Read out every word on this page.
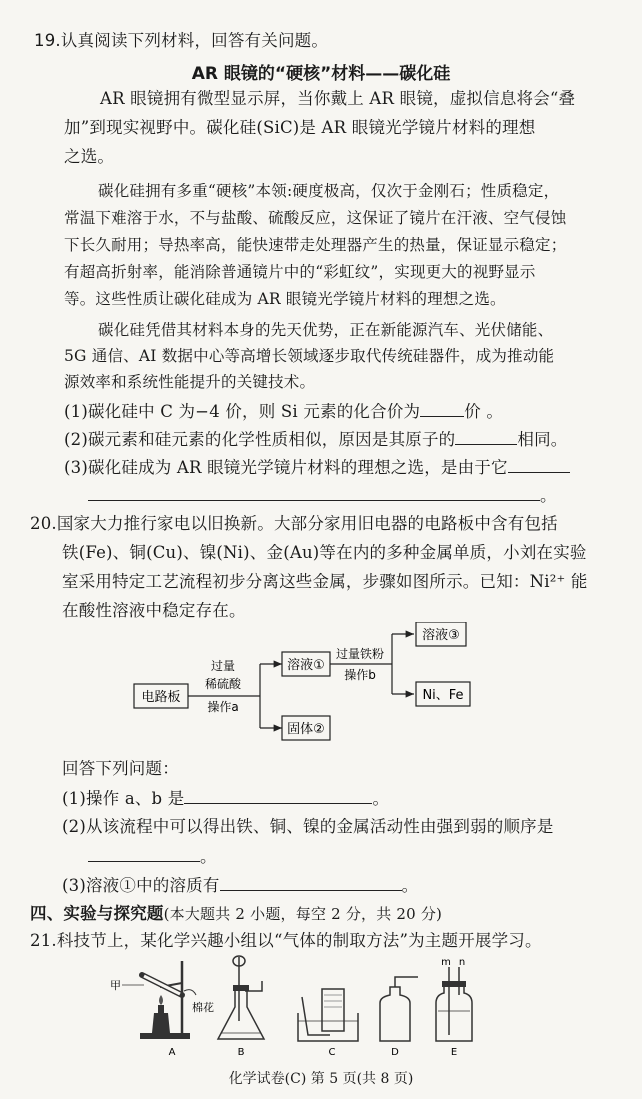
19.认真阅读下列材料，回答有关问题。
AR 眼镜的“硬核”材料——碳化硅
AR 眼镜拥有微型显示屏，当你戴上 AR 眼镜，虚拟信息将会“叠
加”到现实视野中。碳化硅(SiC)是 AR 眼镜光学镜片材料的理想
之选。
碳化硅拥有多重“硬核”本领:硬度极高，仅次于金刚石；性质稳定，
常温下难溶于水，不与盐酸、硫酸反应，这保证了镜片在汗液、空气侵蚀
下长久耐用；导热率高，能快速带走处理器产生的热量，保证显示稳定；
有超高折射率，能消除普通镜片中的“彩虹纹”，实现更大的视野显示
等。这些性质让碳化硅成为 AR 眼镜光学镜片材料的理想之选。
碳化硅凭借其材料本身的先天优势，正在新能源汽车、光伏储能、
5G 通信、AI 数据中心等高增长领域逐步取代传统硅器件，成为推动能
源效率和系统性能提升的关键技术。
(1)碳化硅中 C 为−4 价，则 Si 元素的化合价为	价 。
(2)碳元素和硅元素的化学性质相似，原因是其原子的	相同。
(3)碳化硅成为 AR 眼镜光学镜片材料的理想之选，是由于它
。
20.国家大力推行家电以旧换新。大部分家用旧电器的电路板中含有包括
铁(Fe)、铜(Cu)、镍(Ni)、金(Au)等在内的多种金属单质，小刘在实验
室采用特定工艺流程初步分离这些金属，步骤如图所示。已知：Ni²⁺ 能
在酸性溶液中稳定存在。
电路板
过量
稀硫酸
操作a
溶液①
固体②
过量铁粉
操作b
溶液③
Ni、Fe
回答下列问题：
(1)操作 a、b 是	。
(2)从该流程中可以得出铁、铜、镍的金属活动性由强到弱的顺序是
。
(3)溶液①中的溶质有	。
四、实验与探究题(本大题共 2 小题，每空 2 分，共 20 分)
21.科技节上，某化学兴趣小组以“气体的制取方法”为主题开展学习。
甲
棉花
A	B	C	D
m n
E
化学试卷(C) 第 5 页(共 8 页)
